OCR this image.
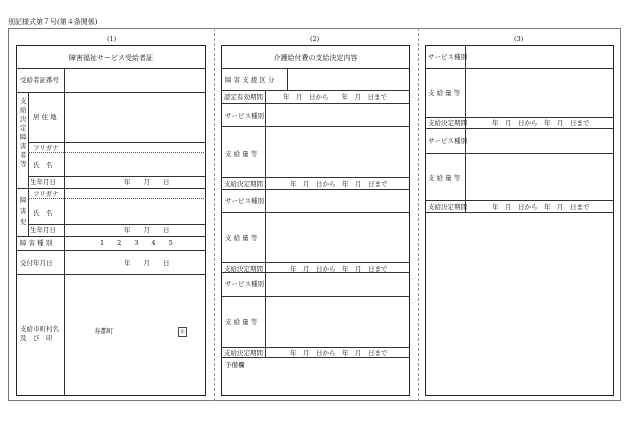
別記様式第７号(第４条関係)
(1)	(2)	(3)
障害福祉サービス受給者証
受給者証番号
支
給
決
定
障
害
者
等
居 住 地
フリガナ
氏　名
生年月日	年　　月　　日
障
害
児
フリガナ
氏　名
生年月日	年　　月　　日
障 害 種 別	1　　2　　3　　4　　5
交付年月日	年　　月　　日
支給市町村名
及　び　印
寿都町	印
介護給付費の支給決定内容
障 害 支 援 区 分
認定有効期間	年　月　日から　　年　月　日まで
サービス種別
支 給 量 等
支給決定期間	年　月　日から　年　月　日まで
サービス種別
支 給 量 等
支給決定期間	年　月　日から　年　月　日まで
サービス種別
支 給 量 等
支給決定期間	年　月　日から　年　月　日まで
予備欄
サービス種別
支 給 量 等
支給決定期間	年　月　日から　年　月　日まで
サービス種別
支 給 量 等
支給決定期間	年　月　日から　年　月　日まで
